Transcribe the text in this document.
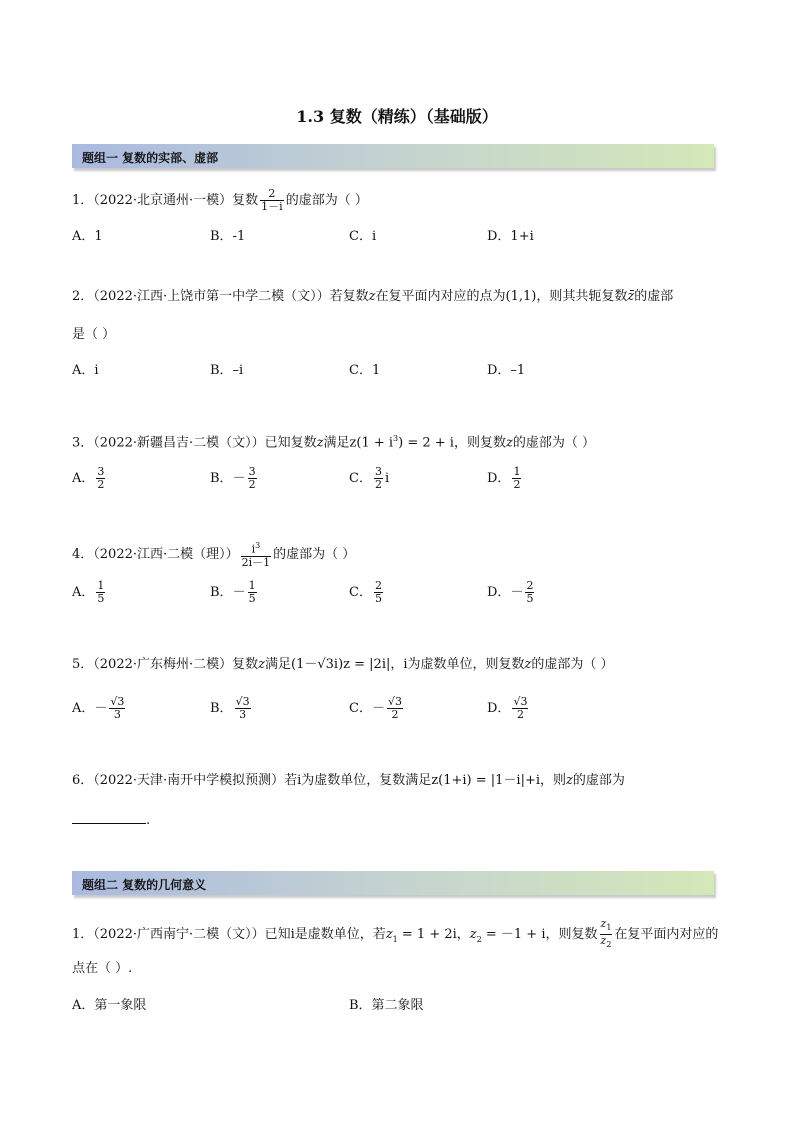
1.3 复数（精练）（基础版）
题组一 复数的实部、虚部
1．（2022·北京通州·一模）复数 $\frac{2}{1-i}$ 的虚部为（ ）
A．1	B．-1	C．i	D．1+i
2．（2022·江西·上饶市第一中学二模（文））若复数z在复平面内对应的点为(1,1)，则其共轭复数z̄的虚部
是（ ）
A．i	B．–i	C．1	D．–1
3．（2022·新疆昌吉·二模（文））已知复数z满足$z(1 + i^3) = 2 + i$，则复数z的虚部为（ ）
A． $\frac{3}{2}$	B．－ $\frac{3}{2}$	C． $\frac{3}{2}$ i	D． $\frac{1}{2}$
4．（2022·江西·二模（理）） $\frac{i^3}{2i-1}$ 的虚部为（ ）
A． $\frac{1}{5}$	B．－ $\frac{1}{5}$	C． $\frac{2}{5}$	D．－ $\frac{2}{5}$
5．（2022·广东梅州·二模）复数z满足(1－√3i)z = |2i|，i为虚数单位，则复数z的虚部为（ ）
A．－ $\frac{√3}{3}$	B． $\frac{√3}{3}$	C．－ $\frac{√3}{2}$	D． $\frac{√3}{2}$
6．（2022·天津·南开中学模拟预测）若i为虚数单位，复数满足z(1+i) = |1－i|+i，则z的虚部为
.
题组二 复数的几何意义
1．（2022·广西南宁·二模（文））已知i是虚数单位，若$z_1 = 1 + 2i$，$z_2 = -1 + i$，则复数 $\frac{z_1}{z_2}$ 在复平面内对应的
点在（ ）.
A．第一象限	B．第二象限
